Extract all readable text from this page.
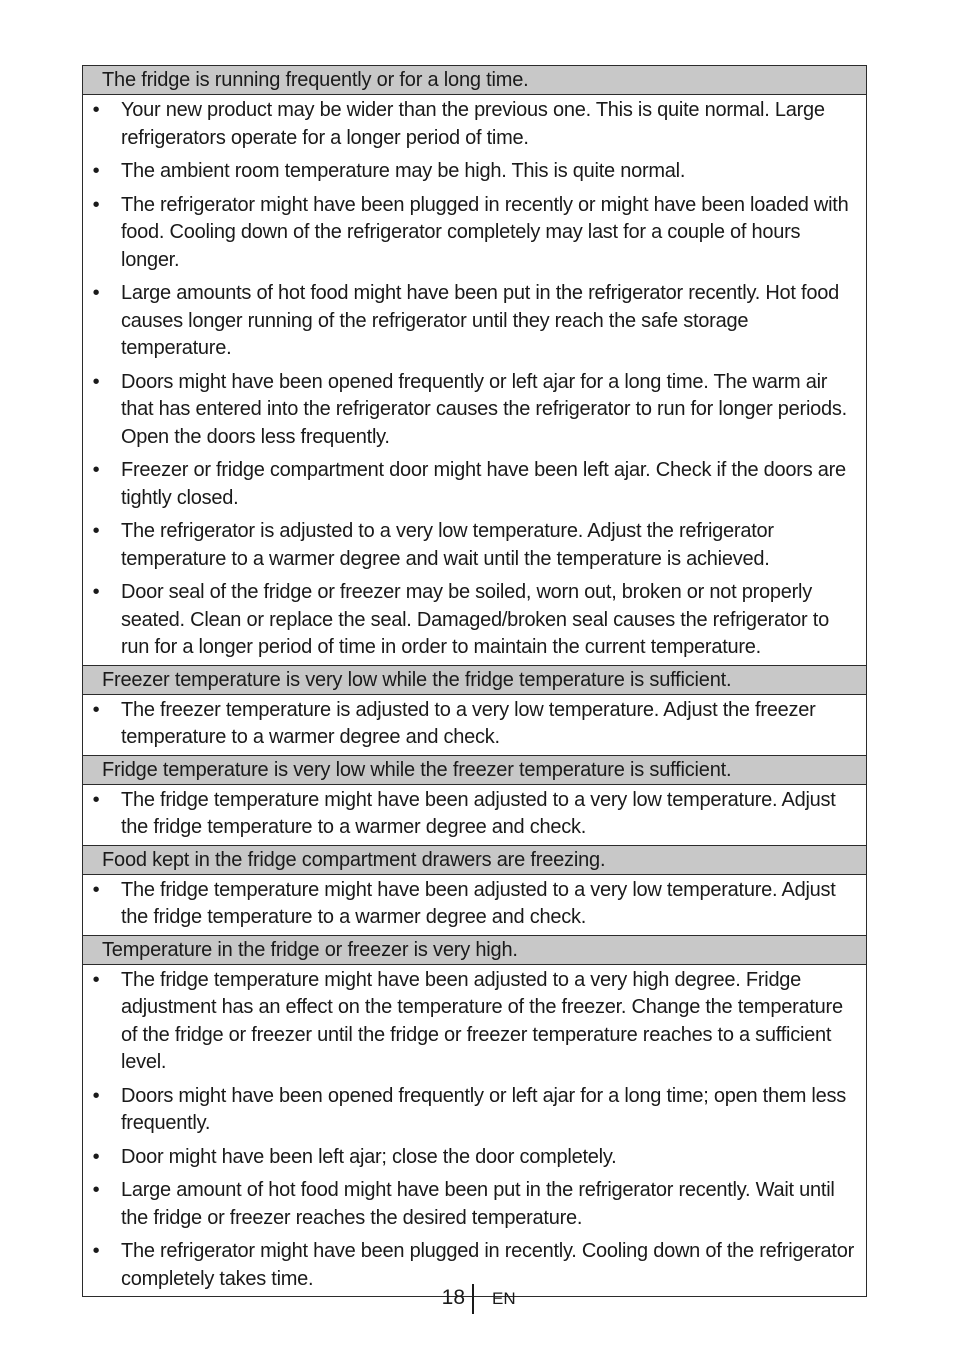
The fridge is running frequently or for a long time.
• Your new product may be wider than the previous one. This is quite normal. Large refrigerators operate for a longer period of time.
• The ambient room temperature may be high. This is quite normal.
• The refrigerator might have been plugged in recently or might have been loaded with food. Cooling down of the refrigerator completely may last for a couple of hours longer.
• Large amounts of hot food might have been put in the refrigerator recently. Hot food causes longer running of the refrigerator until they reach the safe storage temperature.
• Doors might have been opened frequently or left ajar for a long time. The warm air that has entered into the refrigerator causes the refrigerator to run for longer periods. Open the doors less frequently.
• Freezer or fridge compartment door might have been left ajar. Check if the doors are tightly closed.
• The refrigerator is adjusted to a very low temperature. Adjust the refrigerator temperature to a warmer degree and wait until the temperature is achieved.
• Door seal of the fridge or freezer may be soiled, worn out, broken or not properly seated. Clean or replace the seal. Damaged/broken seal causes the refrigerator to run for a longer period of time in order to maintain the current temperature.
Freezer temperature is very low while the fridge temperature is sufficient.
• The freezer temperature is adjusted to a very low temperature. Adjust the freezer temperature to a warmer degree and check.
Fridge temperature is very low while the freezer temperature is sufficient.
• The fridge temperature might have been adjusted to a very low temperature. Adjust the fridge temperature to a warmer degree and check.
Food kept in the fridge compartment drawers are freezing.
• The fridge temperature might have been adjusted to a very low temperature. Adjust the fridge temperature to a warmer degree and check.
Temperature in the fridge or freezer is very high.
• The fridge temperature might have been adjusted to a very high degree. Fridge adjustment has an effect on the temperature of the freezer. Change the temperature of the fridge or freezer until the fridge or freezer temperature reaches to a sufficient level.
• Doors might have been opened frequently or left ajar for a long time; open them less frequently.
• Door might have been left ajar; close the door completely.
• Large amount of hot food might have been put in the refrigerator recently. Wait until the fridge or freezer reaches the desired temperature.
• The refrigerator might have been plugged in recently. Cooling down of the refrigerator completely takes time.
18 EN
